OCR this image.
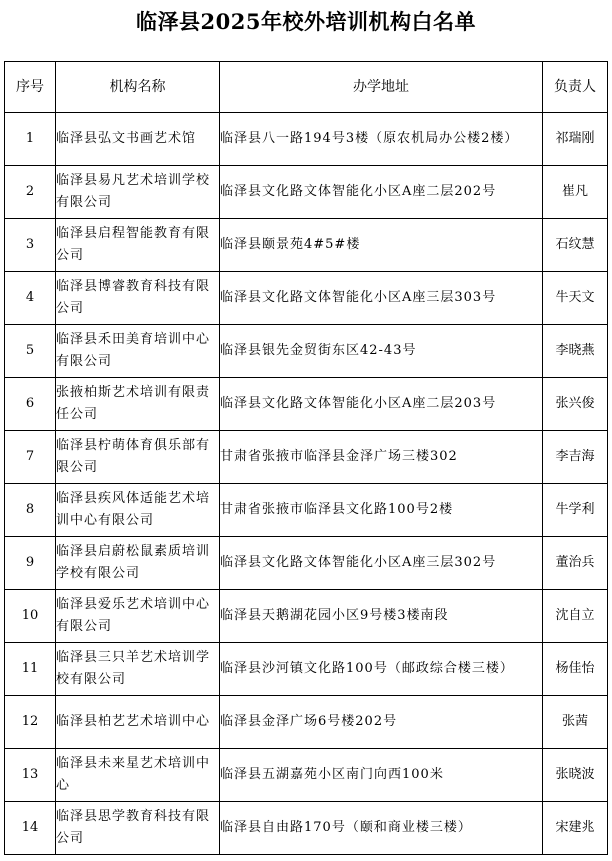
临泽县2025年校外培训机构白名单
序号	机构名称	办学地址	负责人
1	临泽县弘文书画艺术馆	临泽县八一路194号3楼（原农机局办公楼2楼）	祁瑞刚
2	临泽县易凡艺术培训学校有限公司	临泽县文化路文体智能化小区A座二层202号	崔凡
3	临泽县启程智能教育有限公司	临泽县颐景苑4#5#楼	石纹慧
4	临泽县博睿教育科技有限公司	临泽县文化路文体智能化小区A座三层303号	牛天文
5	临泽县禾田美育培训中心有限公司	临泽县银先金贸街东区42-43号	李晓燕
6	张掖柏斯艺术培训有限责任公司	临泽县文化路文体智能化小区A座二层203号	张兴俊
7	临泽县柠萌体育俱乐部有限公司	甘肃省张掖市临泽县金泽广场三楼302	李吉海
8	临泽县疾风体适能艺术培训中心有限公司	甘肃省张掖市临泽县文化路100号2楼	牛学利
9	临泽县启蔚松鼠素质培训学校有限公司	临泽县文化路文体智能化小区A座三层302号	董治兵
10	临泽县爱乐艺术培训中心有限公司	临泽县天鹅湖花园小区9号楼3楼南段	沈自立
11	临泽县三只羊艺术培训学校有限公司	临泽县沙河镇文化路100号（邮政综合楼三楼）	杨佳怡
12	临泽县柏艺艺术培训中心	临泽县金泽广场6号楼202号	张茜
13	临泽县未来星艺术培训中心	临泽县五湖嘉苑小区南门向西100米	张晓波
14	临泽县思学教育科技有限公司	临泽县自由路170号（颐和商业楼三楼）	宋建兆
